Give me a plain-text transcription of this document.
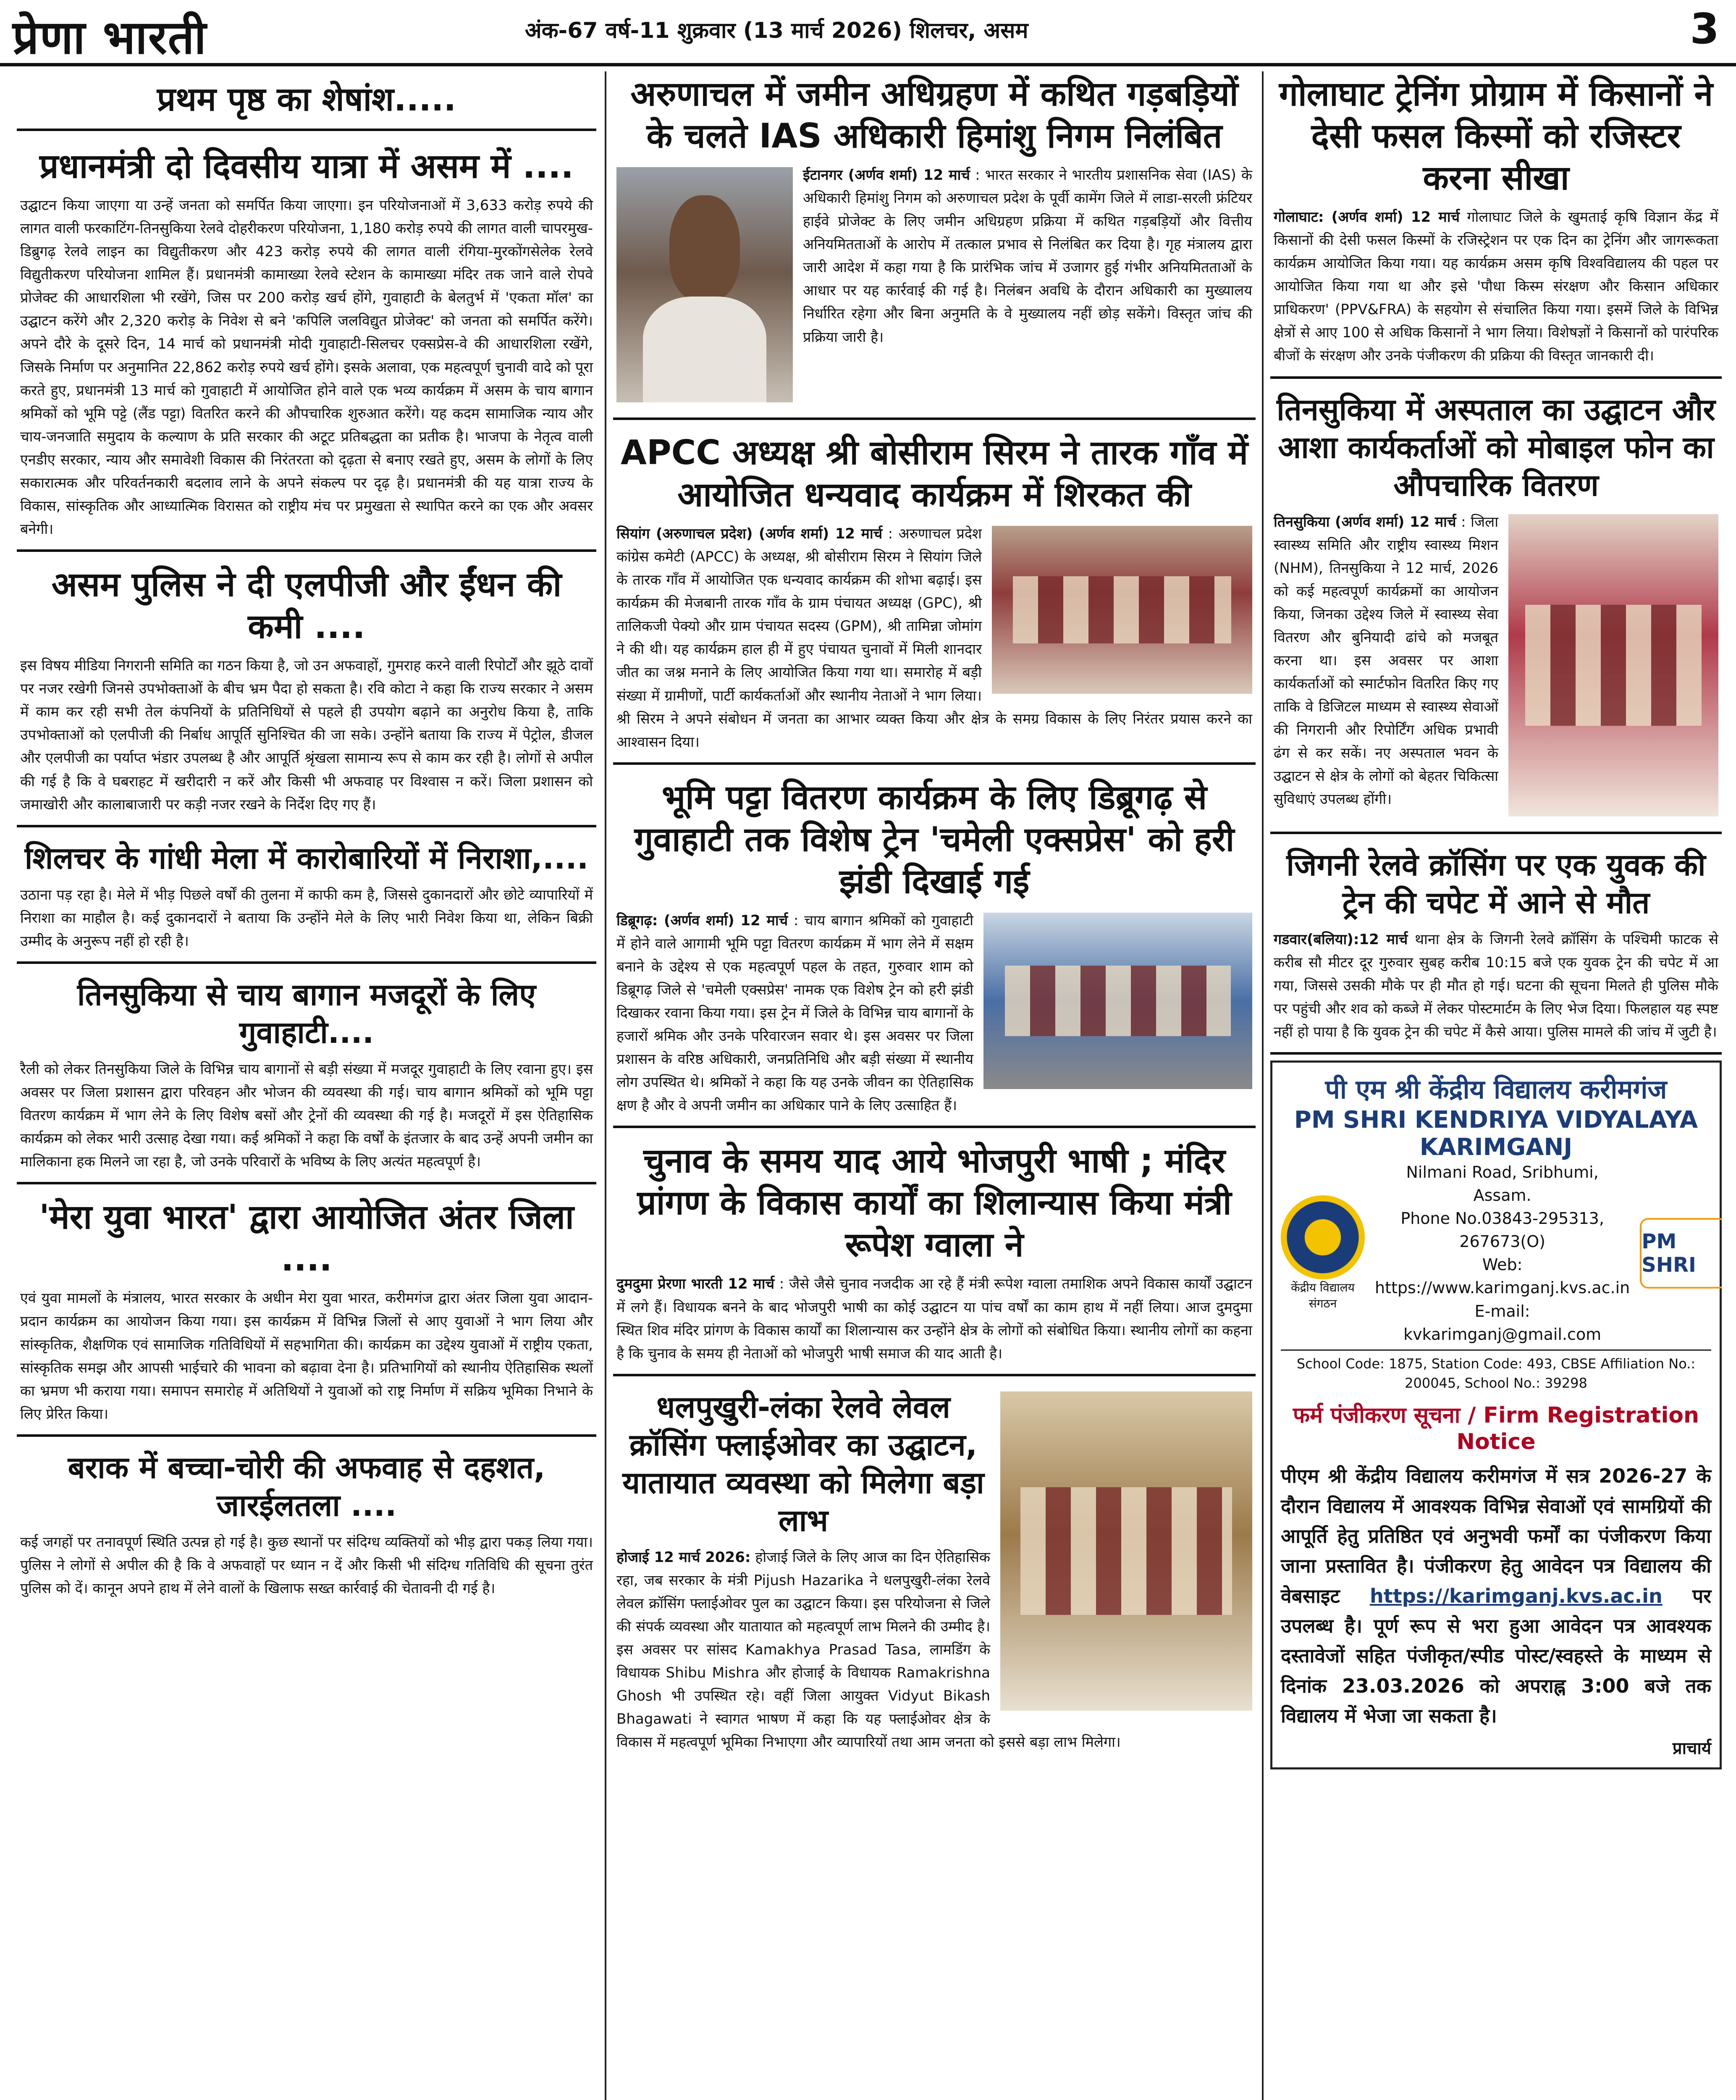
प्रेणा भारती	अंक-67 वर्ष-11 शुक्रवार (13 मार्च 2026) शिलचर, असम	3
प्रथम पृष्ठ का शेषांश.....
प्रधानमंत्री दो दिवसीय यात्रा में असम में ....

उद्घाटन किया जाएगा या उन्हें जनता को समर्पित किया जाएगा। इन परियोजनाओं में 3,633 करोड़ रुपये की लागत वाली फरकाटिंग-तिनसुकिया रेलवे दोहरीकरण परियोजना, 1,180 करोड़ रुपये की लागत वाली चापरमुख-डिब्रुगढ़ रेलवे लाइन का विद्युतीकरण और 423 करोड़ रुपये की लागत वाली रंगिया-मुरकोंगसेलेक रेलवे विद्युतीकरण परियोजना शामिल हैं। प्रधानमंत्री कामाख्या रेलवे स्टेशन के कामाख्या मंदिर तक जाने वाले रोपवे प्रोजेक्ट की आधारशिला भी रखेंगे, जिस पर 200 करोड़ खर्च होंगे, गुवाहाटी के बेलतुर्भ में 'एकता मॉल' का उद्घाटन करेंगे और 2,320 करोड़ के निवेश से बने 'कपिलि जलविद्युत प्रोजेक्ट' को जनता को समर्पित करेंगे। अपने दौरे के दूसरे दिन, 14 मार्च को प्रधानमंत्री मोदी गुवाहाटी-सिलचर एक्सप्रेस-वे की आधारशिला रखेंगे, जिसके निर्माण पर अनुमानित 22,862 करोड़ रुपये खर्च होंगे। इसके अलावा, एक महत्वपूर्ण चुनावी वादे को पूरा करते हुए, प्रधानमंत्री 13 मार्च को गुवाहाटी में आयोजित होने वाले एक भव्य कार्यक्रम में असम के चाय बागान श्रमिकों को भूमि पट्टे (लैंड पट्टा) वितरित करने की औपचारिक शुरुआत करेंगे। यह कदम सामाजिक न्याय और चाय-जनजाति समुदाय के कल्याण के प्रति सरकार की अटूट प्रतिबद्धता का प्रतीक है। भाजपा के नेतृत्व वाली एनडीए सरकार, न्याय और समावेशी विकास की निरंतरता को दृढ़ता से बनाए रखते हुए, असम के लोगों के लिए सकारात्मक और परिवर्तनकारी बदलाव लाने के अपने संकल्प पर दृढ़ है। प्रधानमंत्री की यह यात्रा राज्य के विकास, सांस्कृतिक और आध्यात्मिक विरासत को राष्ट्रीय मंच पर प्रमुखता से स्थापित करने का एक और अवसर बनेगी।

असम पुलिस ने दी एलपीजी और ईंधन की कमी ....

इस विषय मीडिया निगरानी समिति का गठन किया है, जो उन अफवाहों, गुमराह करने वाली रिपोर्टों और झूठे दावों पर नजर रखेगी जिनसे उपभोक्ताओं के बीच भ्रम पैदा हो सकता है। रवि कोटा ने कहा कि राज्य सरकार ने असम में काम कर रही सभी तेल कंपनियों के प्रतिनिधियों से पहले ही उपयोग बढ़ाने का अनुरोध किया है, ताकि उपभोक्ताओं को एलपीजी की निर्बाध आपूर्ति सुनिश्चित की जा सके। उन्होंने बताया कि राज्य में पेट्रोल, डीजल और एलपीजी का पर्याप्त भंडार उपलब्ध है और आपूर्ति श्रृंखला सामान्य रूप से काम कर रही है। लोगों से अपील की गई है कि वे घबराहट में खरीदारी न करें और किसी भी अफवाह पर विश्वास न करें। जिला प्रशासन को जमाखोरी और कालाबाजारी पर कड़ी नजर रखने के निर्देश दिए गए हैं।

शिलचर के गांधी मेला में कारोबारियों में निराशा,....

उठाना पड़ रहा है। मेले में भीड़ पिछले वर्षों की तुलना में काफी कम है, जिससे दुकानदारों और छोटे व्यापारियों में निराशा का माहौल है। कई दुकानदारों ने बताया कि उन्होंने मेले के लिए भारी निवेश किया था, लेकिन बिक्री उम्मीद के अनुरूप नहीं हो रही है।

तिनसुकिया से चाय बागान मजदूरों के लिए गुवाहाटी....

रैली को लेकर तिनसुकिया जिले के विभिन्न चाय बागानों से बड़ी संख्या में मजदूर गुवाहाटी के लिए रवाना हुए। इस अवसर पर जिला प्रशासन द्वारा परिवहन और भोजन की व्यवस्था की गई। चाय बागान श्रमिकों को भूमि पट्टा वितरण कार्यक्रम में भाग लेने के लिए विशेष बसों और ट्रेनों की व्यवस्था की गई है। मजदूरों में इस ऐतिहासिक कार्यक्रम को लेकर भारी उत्साह देखा गया। कई श्रमिकों ने कहा कि वर्षों के इंतजार के बाद उन्हें अपनी जमीन का मालिकाना हक मिलने जा रहा है, जो उनके परिवारों के भविष्य के लिए अत्यंत महत्वपूर्ण है।

'मेरा युवा भारत' द्वारा आयोजित अंतर जिला ....

एवं युवा मामलों के मंत्रालय, भारत सरकार के अधीन मेरा युवा भारत, करीमगंज द्वारा अंतर जिला युवा आदान-प्रदान कार्यक्रम का आयोजन किया गया। इस कार्यक्रम में विभिन्न जिलों से आए युवाओं ने भाग लिया और सांस्कृतिक, शैक्षणिक एवं सामाजिक गतिविधियों में सहभागिता की। कार्यक्रम का उद्देश्य युवाओं में राष्ट्रीय एकता, सांस्कृतिक समझ और आपसी भाईचारे की भावना को बढ़ावा देना है। प्रतिभागियों को स्थानीय ऐतिहासिक स्थलों का भ्रमण भी कराया गया। समापन समारोह में अतिथियों ने युवाओं को राष्ट्र निर्माण में सक्रिय भूमिका निभाने के लिए प्रेरित किया।

बराक में बच्चा-चोरी की अफवाह से दहशत, जारईलतला ....

कई जगहों पर तनावपूर्ण स्थिति उत्पन्न हो गई है। कुछ स्थानों पर संदिग्ध व्यक्तियों को भीड़ द्वारा पकड़ लिया गया। पुलिस ने लोगों से अपील की है कि वे अफवाहों पर ध्यान न दें और किसी भी संदिग्ध गतिविधि की सूचना तुरंत पुलिस को दें। कानून अपने हाथ में लेने वालों के खिलाफ सख्त कार्रवाई की चेतावनी दी गई है।

अरुणाचल में जमीन अधिग्रहण में कथित गड़बड़ियों के चलते IAS अधिकारी हिमांशु निगम निलंबित

ईटानगर (अर्णव शर्मा) 12 मार्च : भारत सरकार ने भारतीय प्रशासनिक सेवा (IAS) के अधिकारी हिमांशु निगम को अरुणाचल प्रदेश के पूर्वी कामेंग जिले में लाडा-सरली फ्रंटियर हाईवे प्रोजेक्ट के लिए जमीन अधिग्रहण प्रक्रिया में कथित गड़बड़ियों और वित्तीय अनियमितताओं के आरोप में तत्काल प्रभाव से निलंबित कर दिया है। गृह मंत्रालय द्वारा जारी आदेश में कहा गया है कि प्रारंभिक जांच में उजागर हुई गंभीर अनियमितताओं के आधार पर यह कार्रवाई की गई है। निलंबन अवधि के दौरान अधिकारी का मुख्यालय निर्धारित रहेगा और बिना अनुमति के वे मुख्यालय नहीं छोड़ सकेंगे। विस्तृत जांच की प्रक्रिया जारी है।

APCC अध्यक्ष श्री बोसीराम सिरम ने तारक गाँव में आयोजित धन्यवाद कार्यक्रम में शिरकत की

सियांग (अरुणाचल प्रदेश) (अर्णव शर्मा) 12 मार्च : अरुणाचल प्रदेश कांग्रेस कमेटी (APCC) के अध्यक्ष, श्री बोसीराम सिरम ने सियांग जिले के तारक गाँव में आयोजित एक धन्यवाद कार्यक्रम की शोभा बढ़ाई। इस कार्यक्रम की मेजबानी तारक गाँव के ग्राम पंचायत अध्यक्ष (GPC), श्री तालिकजी पेक्यो और ग्राम पंचायत सदस्य (GPM), श्री तामिन्ना जोमांग ने की थी। यह कार्यक्रम हाल ही में हुए पंचायत चुनावों में मिली शानदार जीत का जश्न मनाने के लिए आयोजित किया गया था। समारोह में बड़ी संख्या में ग्रामीणों, पार्टी कार्यकर्ताओं और स्थानीय नेताओं ने भाग लिया। श्री सिरम ने अपने संबोधन में जनता का आभार व्यक्त किया और क्षेत्र के समग्र विकास के लिए निरंतर प्रयास करने का आश्वासन दिया।

भूमि पट्टा वितरण कार्यक्रम के लिए डिब्रूगढ़ से गुवाहाटी तक विशेष ट्रेन 'चमेली एक्सप्रेस' को हरी झंडी दिखाई गई

डिब्रूगढ़: (अर्णव शर्मा) 12 मार्च : चाय बागान श्रमिकों को गुवाहाटी में होने वाले आगामी भूमि पट्टा वितरण कार्यक्रम में भाग लेने में सक्षम बनाने के उद्देश्य से एक महत्वपूर्ण पहल के तहत, गुरुवार शाम को डिब्रूगढ़ जिले से 'चमेली एक्सप्रेस' नामक एक विशेष ट्रेन को हरी झंडी दिखाकर रवाना किया गया। इस ट्रेन में जिले के विभिन्न चाय बागानों के हजारों श्रमिक और उनके परिवारजन सवार थे। इस अवसर पर जिला प्रशासन के वरिष्ठ अधिकारी, जनप्रतिनिधि और बड़ी संख्या में स्थानीय लोग उपस्थित थे। श्रमिकों ने कहा कि यह उनके जीवन का ऐतिहासिक क्षण है और वे अपनी जमीन का अधिकार पाने के लिए उत्साहित हैं।

चुनाव के समय याद आये भोजपुरी भाषी ; मंदिर प्रांगण के विकास कार्यों का शिलान्यास किया मंत्री रूपेश ग्वाला ने

दुमदुमा प्रेरणा भारती 12 मार्च : जैसे जैसे चुनाव नजदीक आ रहे हैं मंत्री रूपेश ग्वाला तमाशिक अपने विकास कार्यों उद्घाटन में लगे हैं। विधायक बनने के बाद भोजपुरी भाषी का कोई उद्घाटन या पांच वर्षों का काम हाथ में नहीं लिया। आज दुमदुमा स्थित शिव मंदिर प्रांगण के विकास कार्यों का शिलान्यास कर उन्होंने क्षेत्र के लोगों को संबोधित किया। स्थानीय लोगों का कहना है कि चुनाव के समय ही नेताओं को भोजपुरी भाषी समाज की याद आती है।

धलपुखुरी-लंका रेलवे लेवल क्रॉसिंग फ्लाईओवर का उद्घाटन, यातायात व्यवस्था को मिलेगा बड़ा लाभ

होजाई 12 मार्च 2026: होजाई जिले के लिए आज का दिन ऐतिहासिक रहा, जब सरकार के मंत्री Pijush Hazarika ने धलपुखुरी-लंका रेलवे लेवल क्रॉसिंग फ्लाईओवर पुल का उद्घाटन किया। इस परियोजना से जिले की संपर्क व्यवस्था और यातायात को महत्वपूर्ण लाभ मिलने की उम्मीद है। इस अवसर पर सांसद Kamakhya Prasad Tasa, लामडिंग के विधायक Shibu Mishra और होजाई के विधायक Ramakrishna Ghosh भी उपस्थित रहे। वहीं जिला आयुक्त Vidyut Bikash Bhagawati ने स्वागत भाषण में कहा कि यह फ्लाईओवर क्षेत्र के विकास में महत्वपूर्ण भूमिका निभाएगा और व्यापारियों तथा आम जनता को इससे बड़ा लाभ मिलेगा।

गोलाघाट ट्रेनिंग प्रोग्राम में किसानों ने देसी फसल किस्मों को रजिस्टर करना सीखा

गोलाघाट: (अर्णव शर्मा) 12 मार्च गोलाघाट जिले के खुमताई कृषि विज्ञान केंद्र में किसानों की देसी फसल किस्मों के रजिस्ट्रेशन पर एक दिन का ट्रेनिंग और जागरूकता कार्यक्रम आयोजित किया गया। यह कार्यक्रम असम कृषि विश्वविद्यालय की पहल पर आयोजित किया गया था और इसे 'पौधा किस्म संरक्षण और किसान अधिकार प्राधिकरण' (PPV&FRA) के सहयोग से संचालित किया गया। इसमें जिले के विभिन्न क्षेत्रों से आए 100 से अधिक किसानों ने भाग लिया। विशेषज्ञों ने किसानों को पारंपरिक बीजों के संरक्षण और उनके पंजीकरण की प्रक्रिया की विस्तृत जानकारी दी।

तिनसुकिया में अस्पताल का उद्घाटन और आशा कार्यकर्ताओं को मोबाइल फोन का औपचारिक वितरण

तिनसुकिया (अर्णव शर्मा) 12 मार्च : जिला स्वास्थ्य समिति और राष्ट्रीय स्वास्थ्य मिशन (NHM), तिनसुकिया ने 12 मार्च, 2026 को कई महत्वपूर्ण कार्यक्रमों का आयोजन किया, जिनका उद्देश्य जिले में स्वास्थ्य सेवा वितरण और बुनियादी ढांचे को मजबूत करना था। इस अवसर पर आशा कार्यकर्ताओं को स्मार्टफोन वितरित किए गए ताकि वे डिजिटल माध्यम से स्वास्थ्य सेवाओं की निगरानी और रिपोर्टिंग अधिक प्रभावी ढंग से कर सकें। नए अस्पताल भवन के उद्घाटन से क्षेत्र के लोगों को बेहतर चिकित्सा सुविधाएं उपलब्ध होंगी।

जिगनी रेलवे क्रॉसिंग पर एक युवक की ट्रेन की चपेट में आने से मौत

गडवार(बलिया):12 मार्च थाना क्षेत्र के जिगनी रेलवे क्रॉसिंग के पश्चिमी फाटक से करीब सौ मीटर दूर गुरुवार सुबह करीब 10:15 बजे एक युवक ट्रेन की चपेट में आ गया, जिससे उसकी मौके पर ही मौत हो गई। घटना की सूचना मिलते ही पुलिस मौके पर पहुंची और शव को कब्जे में लेकर पोस्टमार्टम के लिए भेज दिया। फिलहाल यह स्पष्ट नहीं हो पाया है कि युवक ट्रेन की चपेट में कैसे आया। पुलिस मामले की जांच में जुटी है।

पी एम श्री केंद्रीय विद्यालय करीमगंज
PM SHRI KENDRIYA VIDYALAYA KARIMGANJ
केंद्रीय विद्यालय संगठन
Nilmani Road, Sribhumi, Assam.
Phone No.03843-295313, 267673(O)
Web: https://www.karimganj.kvs.ac.in
E-mail: kvkarimganj@gmail.com
PM SHRI
School Code: 1875, Station Code: 493, CBSE Affiliation No.: 200045, School No.: 39298
फर्म पंजीकरण सूचना / Firm Registration Notice
पीएम श्री केंद्रीय विद्यालय करीमगंज में सत्र 2026-27 के दौरान विद्यालय में आवश्यक विभिन्न सेवाओं एवं सामग्रियों की आपूर्ति हेतु प्रतिष्ठित एवं अनुभवी फर्मों का पंजीकरण किया जाना प्रस्तावित है। पंजीकरण हेतु आवेदन पत्र विद्यालय की वेबसाइट https://karimganj.kvs.ac.in पर उपलब्ध है। पूर्ण रूप से भरा हुआ आवेदन पत्र आवश्यक दस्तावेजों सहित पंजीकृत/स्पीड पोस्ट/स्वहस्ते के माध्यम से दिनांक 23.03.2026 को अपराह्न 3:00 बजे तक विद्यालय में भेजा जा सकता है।
प्राचार्य
